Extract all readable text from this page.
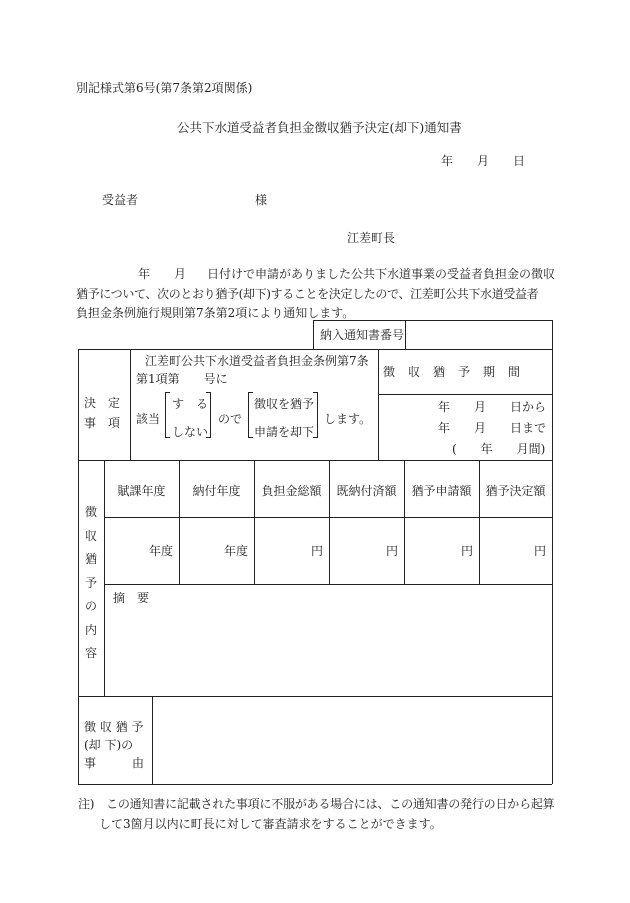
別記様式第6号(第7条第2項関係)
公共下水道受益者負担金徴収猶予決定(却下)通知書
年 月 日
受益者	様
江差町長
年 月 日付けで申請がありました公共下水道事業の受益者負担金の徴収
猶予について、次のとおり猶予(却下)することを決定したので、江差町公共下水道受益者
負担金条例施行規則第7条第2項により通知します。
納入通知書番号
決　定
事　項
江差町公共下水道受益者負担金条例第7条
第1項第　　号に
該当
す　る
しない
ので
徴収を猶予
申請を却下
します。
徴　収　猶　予　期　間
年　　月　　日から
年　　月　　日まで
(　　年　　月間)
徴
収
猶
予
の
内
容
賦課年度	納付年度	負担金総額	既納付済額	猶予申請額	猶予決定額
年度	年度	円	円	円	円
摘　要
徴 収 猶 予
(却 下)の
事　　　由
注)　この通知書に記載された事項に不服がある場合には、この通知書の発行の日から起算
して3箇月以内に町長に対して審査請求をすることができます。
